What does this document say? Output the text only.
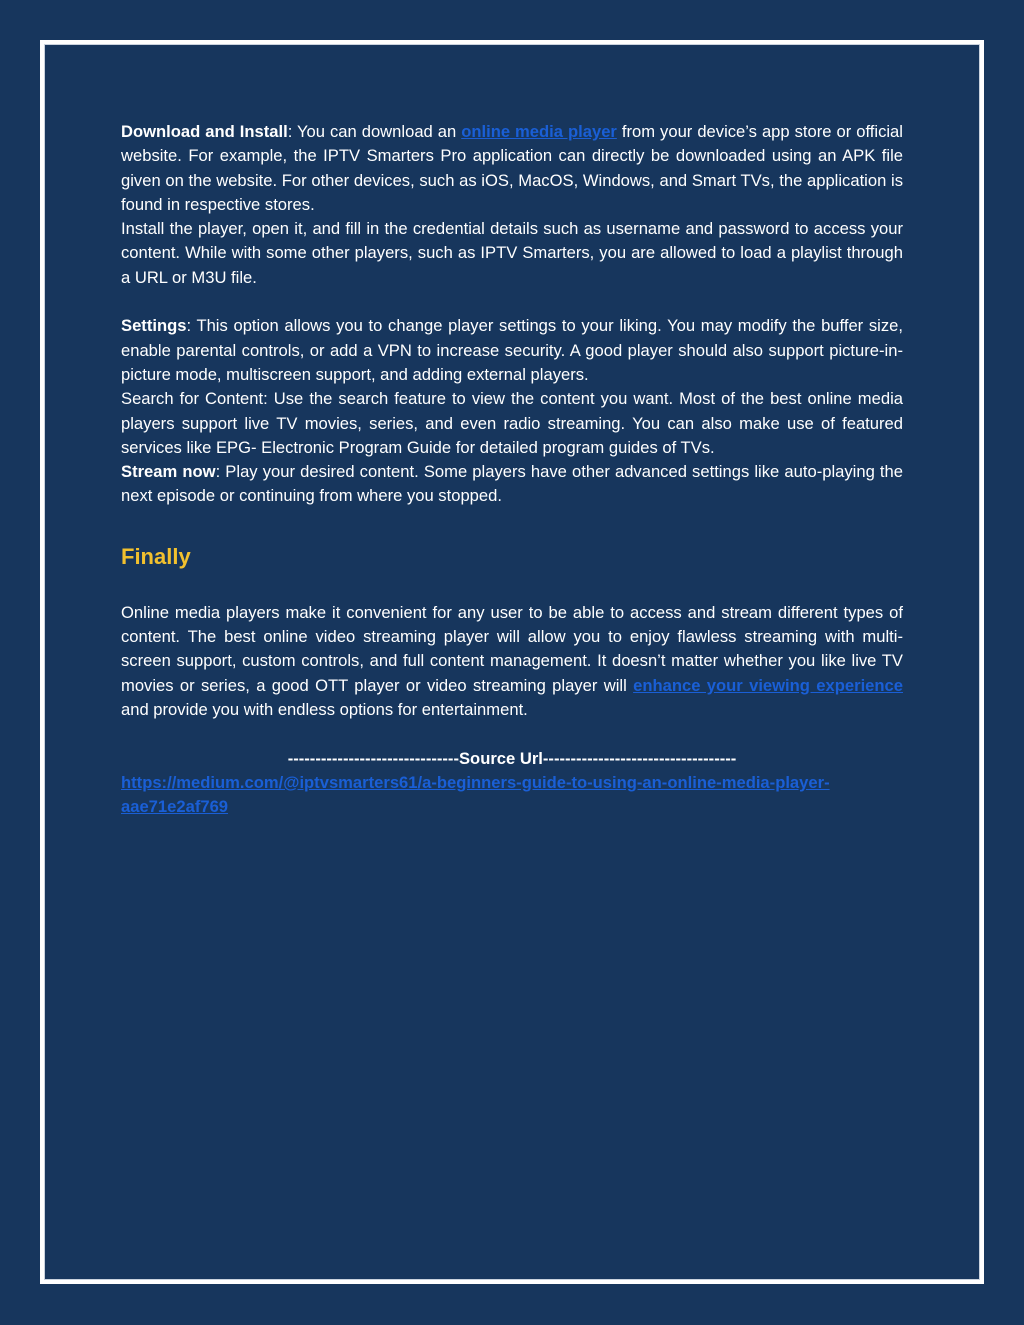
Download and Install: You can download an online media player from your device’s app store or official website. For example, the IPTV Smarters Pro application can directly be downloaded using an APK file given on the website. For other devices, such as iOS, MacOS, Windows, and Smart TVs, the application is found in respective stores.

Install the player, open it, and fill in the credential details such as username and password to access your content. While with some other players, such as IPTV Smarters, you are allowed to load a playlist through a URL or M3U file.

Settings: This option allows you to change player settings to your liking. You may modify the buffer size, enable parental controls, or add a VPN to increase security. A good player should also support picture-in-picture mode, multiscreen support, and adding external players.

Search for Content: Use the search feature to view the content you want. Most of the best online media players support live TV movies, series, and even radio streaming. You can also make use of featured services like EPG- Electronic Program Guide for detailed program guides of TVs.

Stream now: Play your desired content. Some players have other advanced settings like auto-playing the next episode or continuing from where you stopped.

Finally

Online media players make it convenient for any user to be able to access and stream different types of content. The best online video streaming player will allow you to enjoy flawless streaming with multi-screen support, custom controls, and full content management. It doesn’t matter whether you like live TV movies or series, a good OTT player or video streaming player will enhance your viewing experience and provide you with endless options for entertainment.

-------------------------------Source Url-----------------------------------

https://medium.com/@iptvsmarters61/a-beginners-guide-to-using-an-online-media-player-aae71e2af769
